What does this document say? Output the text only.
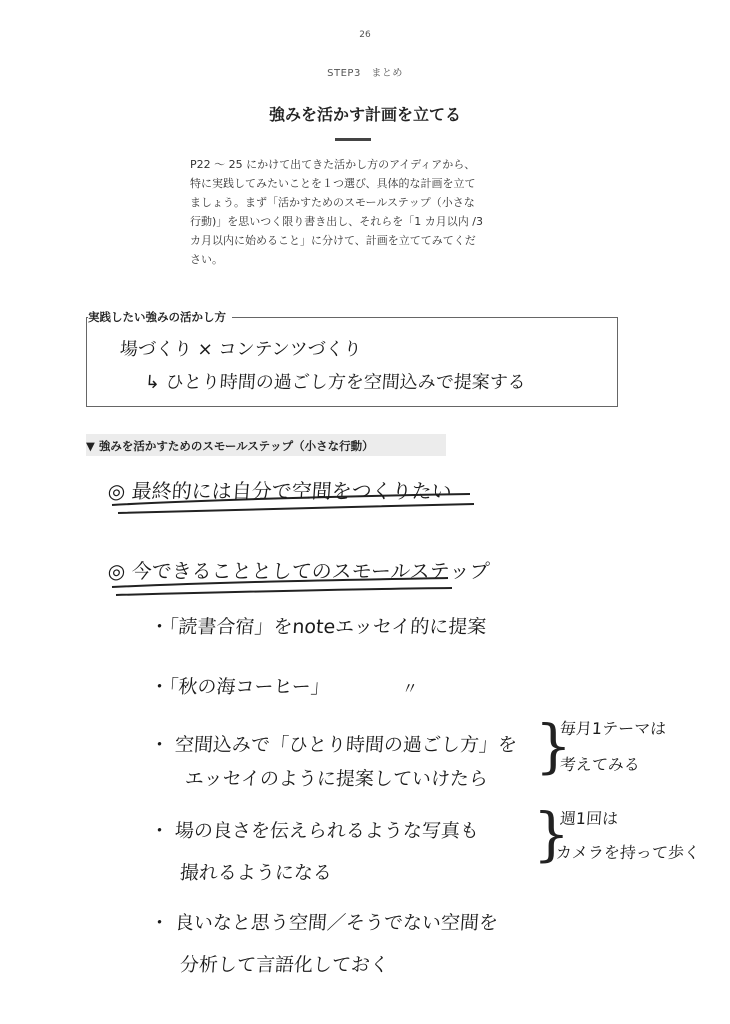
26
STEP3　まとめ
強みを活かす計画を立てる

P22 〜 25 にかけて出てきた活かし方のアイディアから、
特に実践してみたいことを１つ選び、具体的な計画を立て
ましょう。まず「活かすためのスモールステップ（小さな
行動)」を思いつく限り書き出し、それらを「1 カ月以内 /3
カ月以内に始めること」に分けて、計画を立ててみてくだ
さい。

実践したい強みの活かし方
場づくり × コンテンツづくり
↳ ひとり時間の過ごし方を空間込みで提案する
▼ 強みを活かすためのスモールステップ（小さな行動）
◎ 最終的には自分で空間をつくりたい
◎ 今できることとしてのスモールステップ
・「読書合宿」をnoteエッセイ的に提案
・「秋の海コーヒー」	〃
・ 空間込みで「ひとり時間の過ごし方」を
エッセイのように提案していけたら
・ 場の良さを伝えられるような写真も
撮れるようになる
・ 良いなと思う空間／そうでない空間を
分析して言語化しておく
}
}
毎月1テーマは
考えてみる
週1回は
カメラを持って歩く
